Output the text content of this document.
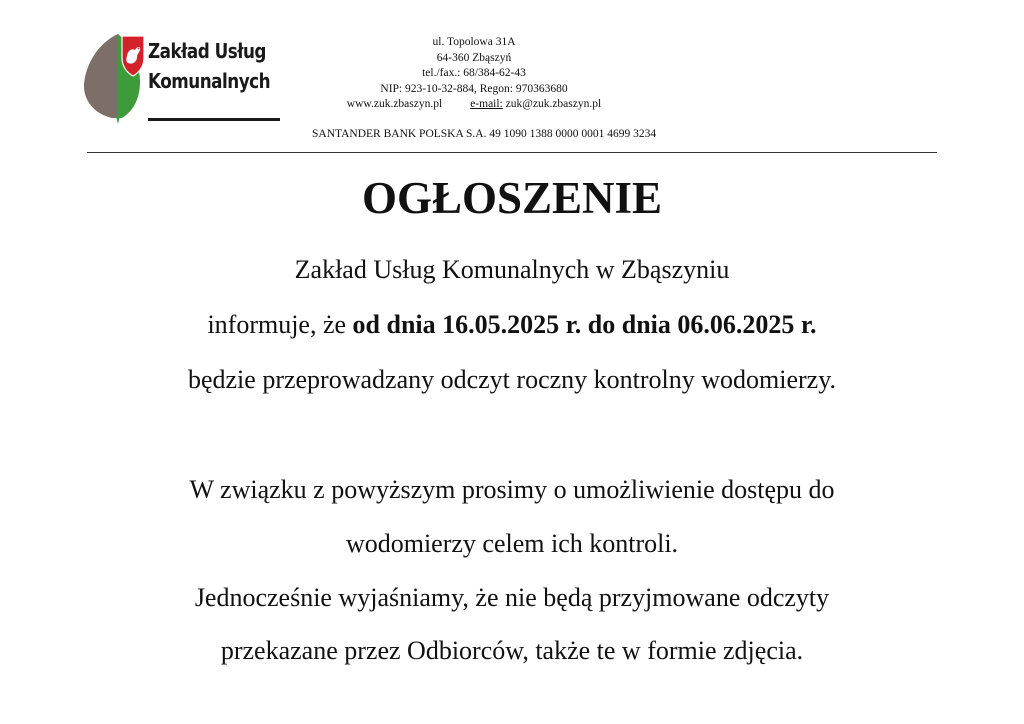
Zakład Usług
Komunalnych
ul. Topolowa 31A
64-360 Zbąszyń
tel./fax.: 68/384-62-43
NIP: 923-10-32-884, Regon: 970363680
www.zuk.zbaszyn.pl e-mail: zuk@zuk.zbaszyn.pl
SANTANDER BANK POLSKA S.A. 49 1090 1388 0000 0001 4699 3234
OGŁOSZENIE
Zakład Usług Komunalnych w Zbąszyniu
informuje, że od dnia 16.05.2025 r. do dnia 06.06.2025 r.
będzie przeprowadzany odczyt roczny kontrolny wodomierzy.
W związku z powyższym prosimy o umożliwienie dostępu do
wodomierzy celem ich kontroli.
Jednocześnie wyjaśniamy, że nie będą przyjmowane odczyty
przekazane przez Odbiorców, także te w formie zdjęcia.
